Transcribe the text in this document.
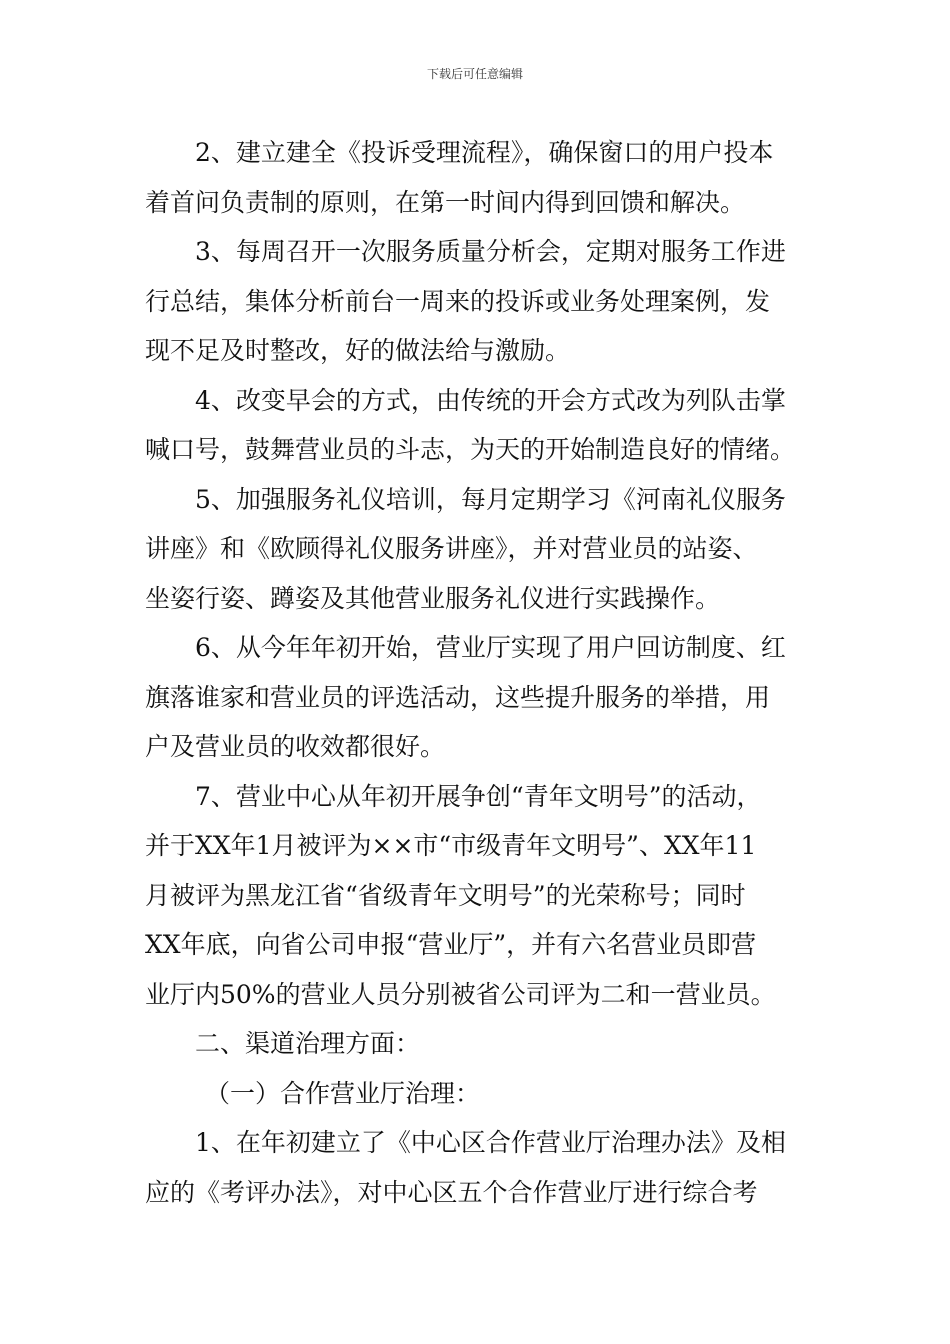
下载后可任意编辑
2、建立建全《投诉受理流程》，确保窗口的用户投本
着首问负责制的原则，在第一时间内得到回馈和解决。
3、每周召开一次服务质量分析会，定期对服务工作进
行总结，集体分析前台一周来的投诉或业务处理案例，发
现不足及时整改，好的做法给与激励。
4、改变早会的方式，由传统的开会方式改为列队击掌
喊口号，鼓舞营业员的斗志，为天的开始制造良好的情绪。
5、加强服务礼仪培训，每月定期学习《河南礼仪服务
讲座》和《欧顾得礼仪服务讲座》，并对营业员的站姿、
坐姿行姿、蹲姿及其他营业服务礼仪进行实践操作。
6、从今年年初开始，营业厅实现了用户回访制度、红
旗落谁家和营业员的评选活动，这些提升服务的举措，用
户及营业员的收效都很好。
7、营业中心从年初开展争创“青年文明号”的活动，
并于XX年1月被评为××市“市级青年文明号”、XX年11
月被评为黑龙江省“省级青年文明号”的光荣称号；同时
XX年底，向省公司申报“营业厅”，并有六名营业员即营
业厅内50%的营业人员分别被省公司评为二和一营业员。
二、渠道治理方面：
（一）合作营业厅治理：
1、在年初建立了《中心区合作营业厅治理办法》及相
应的《考评办法》，对中心区五个合作营业厅进行综合考
